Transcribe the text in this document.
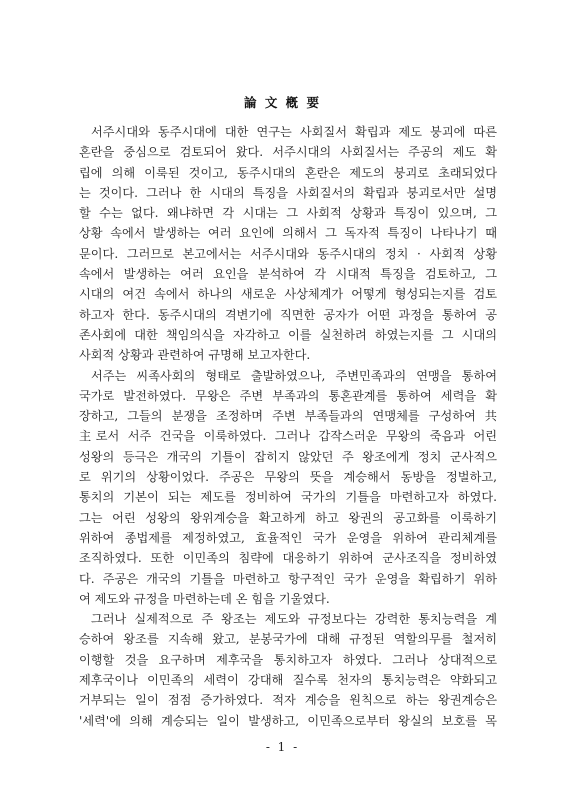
論 文 槪 要
서주시대와 동주시대에 대한 연구는 사회질서 확립과 제도 붕괴에 따른
혼란을 중심으로 검토되어 왔다. 서주시대의 사회질서는 주공의 제도 확
립에 의해 이룩된 것이고, 동주시대의 혼란은 제도의 붕괴로 초래되었다
는 것이다. 그러나 한 시대의 특징을 사회질서의 확립과 붕괴로서만 설명
할 수는 없다. 왜냐하면 각 시대는 그 사회적 상황과 특징이 있으며, 그
상황 속에서 발생하는 여러 요인에 의해서 그 독자적 특징이 나타나기 때
문이다. 그러므로 본고에서는 서주시대와 동주시대의 정치 · 사회적 상황
속에서 발생하는 여러 요인을 분석하여 각 시대적 특징을 검토하고, 그
시대의 여건 속에서 하나의 새로운 사상체계가 어떻게 형성되는지를 검토
하고자 한다. 동주시대의 격변기에 직면한 공자가 어떤 과정을 통하여 공
존사회에 대한 책임의식을 자각하고 이를 실천하려 하였는지를 그 시대의
사회적 상황과 관련하여 규명해 보고자한다.
서주는 씨족사회의 형태로 출발하였으나, 주변민족과의 연맹을 통하여
국가로 발전하였다. 무왕은 주변 부족과의 통혼관계를 통하여 세력을 확
장하고, 그들의 분쟁을 조정하며 주변 부족들과의 연맹체를 구성하여 共
主로서 서주 건국을 이룩하였다. 그러나 갑작스러운 무왕의 죽음과 어린
성왕의 등극은 개국의 기틀이 잡히지 않았던 주 왕조에게 정치 군사적으
로 위기의 상황이었다. 주공은 무왕의 뜻을 계승해서 동방을 정벌하고,
통치의 기본이 되는 제도를 정비하여 국가의 기틀을 마련하고자 하였다.
그는 어린 성왕의 왕위계승을 확고하게 하고 왕권의 공고화를 이룩하기
위하여 종법제를 제정하였고, 효율적인 국가 운영을 위하여 관리체계를
조직하였다. 또한 이민족의 침략에 대응하기 위하여 군사조직을 정비하였
다. 주공은 개국의 기틀을 마련하고 항구적인 국가 운영을 확립하기 위하
여 제도와 규정을 마련하는데 온 힘을 기울였다.
그러나 실제적으로 주 왕조는 제도와 규정보다는 강력한 통치능력을 계
승하여 왕조를 지속해 왔고, 분봉국가에 대해 규정된 역할의무를 철저히
이행할 것을 요구하며 제후국을 통치하고자 하였다. 그러나 상대적으로
제후국이나 이민족의 세력이 강대해 질수록 천자의 통치능력은 약화되고
거부되는 일이 점점 증가하였다. 적자 계승을 원칙으로 하는 왕권계승은
'세력'에 의해 계승되는 일이 발생하고, 이민족으로부터 왕실의 보호를 목
- 1 -
